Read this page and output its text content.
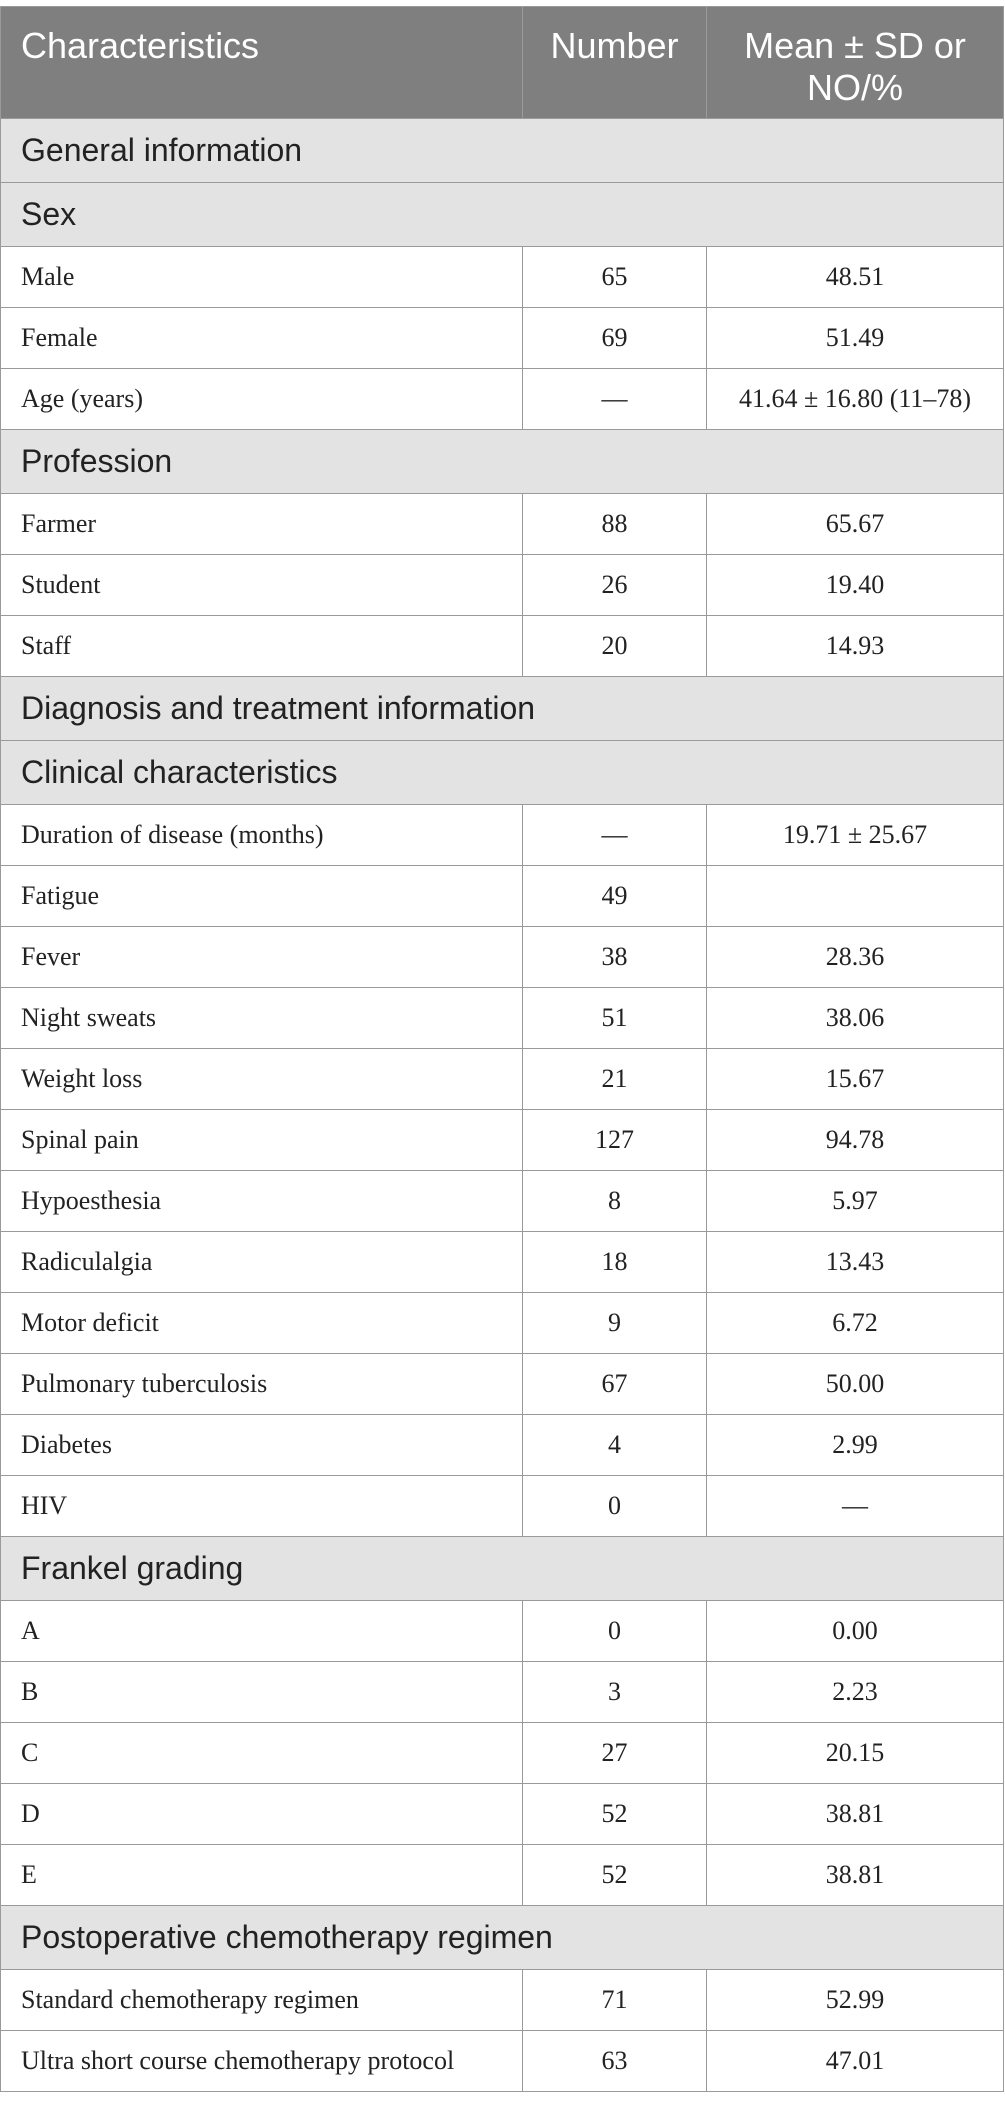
Characteristics	Number	Mean ± SD or
NO/%
General information		
Sex		
Male	65	48.51
Female	69	51.49
Age (years)	—	41.64 ± 16.80 (11–78)
Profession		
Farmer	88	65.67
Student	26	19.40
Staff	20	14.93
Diagnosis and treatment information		
Clinical characteristics		
Duration of disease (months)	—	19.71 ± 25.67
Fatigue	49	
Fever	38	28.36
Night sweats	51	38.06
Weight loss	21	15.67
Spinal pain	127	94.78
Hypoesthesia	8	5.97
Radiculalgia	18	13.43
Motor deficit	9	6.72
Pulmonary tuberculosis	67	50.00
Diabetes	4	2.99
HIV	0	—
Frankel grading		
A	0	0.00
B	3	2.23
C	27	20.15
D	52	38.81
E	52	38.81
Postoperative chemotherapy regimen		
Standard chemotherapy regimen	71	52.99
Ultra short course chemotherapy protocol	63	47.01
